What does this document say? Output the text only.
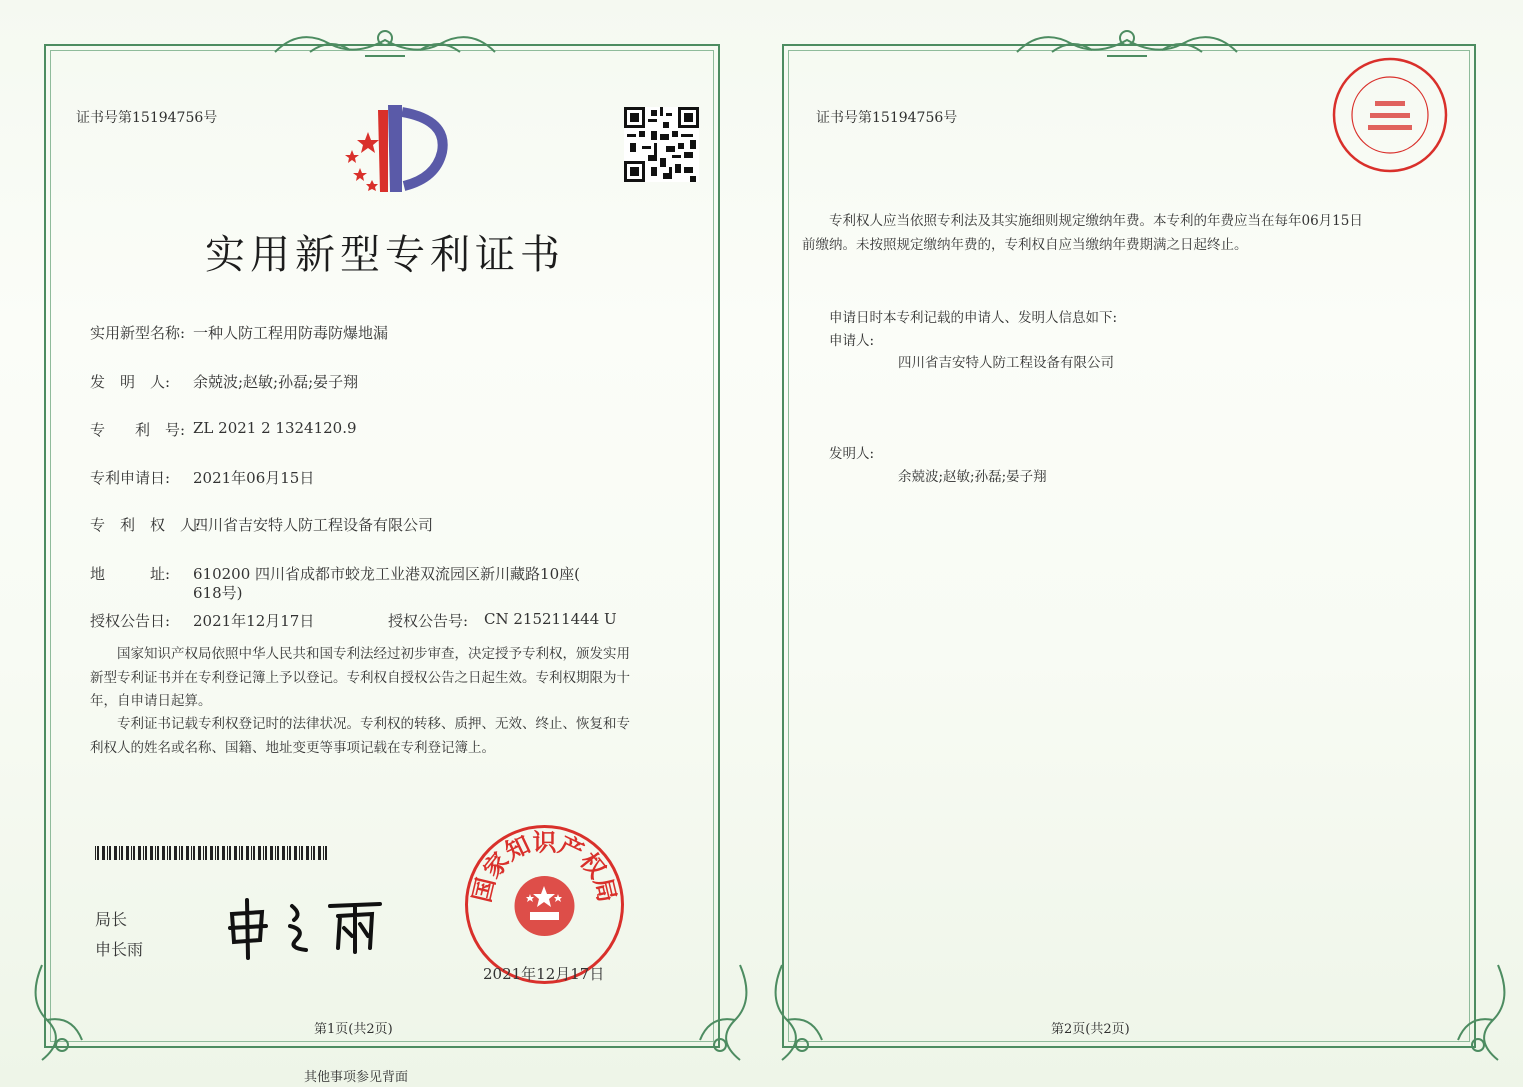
证书号第15194756号
实用新型专利证书
实用新型名称: 一种人防工程用防毒防爆地漏
发　明　人: 余兢波;赵敏;孙磊;晏子翔
专　　利　号: ZL 2021 2 1324120.9
专利申请日: 2021年06月15日
专　利　权　人:
四川省吉安特人防工程设备有限公司
地　　　址: 610200 四川省成都市蛟龙工业港双流园区新川藏路10座(
618号)
授权公告日: 2021年12月17日	授权公告号: CN 215211444 U
　　国家知识产权局依照中华人民共和国专利法经过初步审查，决定授予专利权，颁发实用
新型专利证书并在专利登记簿上予以登记。专利权自授权公告之日起生效。专利权期限为十
年，自申请日起算。
　　专利证书记载专利权登记时的法律状况。专利权的转移、质押、无效、终止、恢复和专
利权人的姓名或名称、国籍、地址变更等事项记载在专利登记簿上。
局长
申长雨
国家知识产权局
2021年12月17日
第1页(共2页)
其他事项参见背面
证书号第15194756号
　　专利权人应当依照专利法及其实施细则规定缴纳年费。本专利的年费应当在每年06月15日
前缴纳。未按照规定缴纳年费的，专利权自应当缴纳年费期满之日起终止。
　　申请日时本专利记载的申请人、发明人信息如下:
　　申请人:
四川省吉安特人防工程设备有限公司
　　发明人:
余兢波;赵敏;孙磊;晏子翔
第2页(共2页)
